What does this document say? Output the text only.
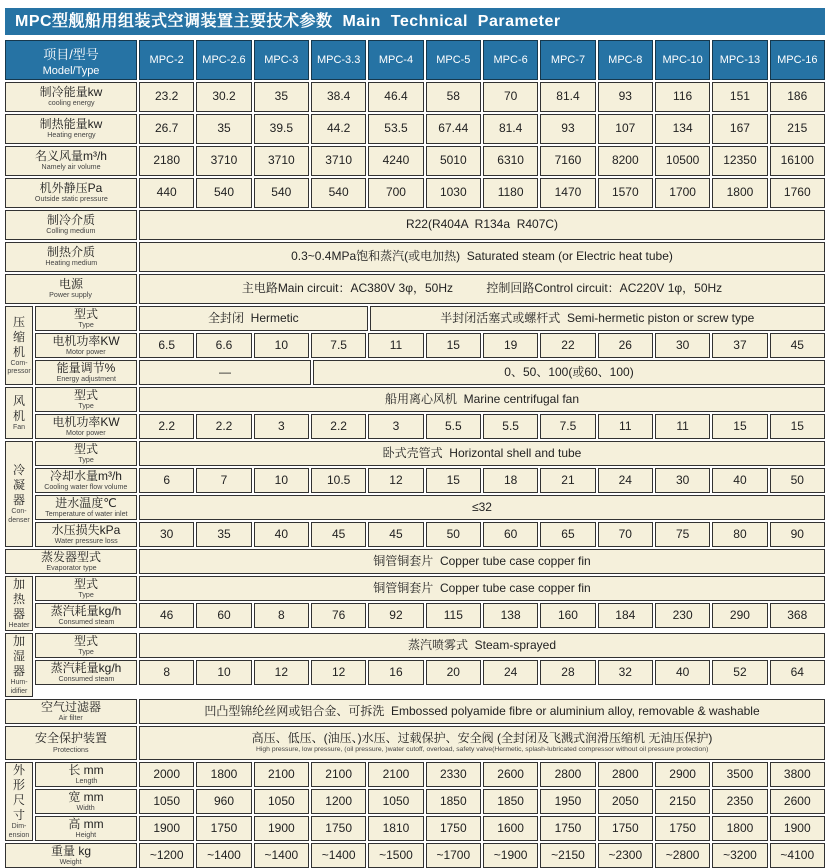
MPC型舰船用组装式空调装置主要技术参数  Main  Technical  Parameter
项目/型号
Model/Type
MPC-2	MPC-2.6	MPC-3	MPC-3.3	MPC-4	MPC-5	MPC-6	MPC-7	MPC-8	MPC-10	MPC-13	MPC-16
制冷能量kw
cooling energy	23.2	30.2	35	38.4	46.4	58	70	81.4	93	116	151	186
制热能量kw
Heating energy	26.7	35	39.5	44.2	53.5	67.44	81.4	93	107	134	167	215
名义风量m³/h
Namely air volume	2180	3710	3710	3710	4240	5010	6310	7160	8200 10500 12350 16100
机外静压Pa
Outside static pressure	440	540	540	540	700	1030	1180	1470	1570	1700	1800	1760
制冷介质
Colling medium	R22(R404A  R134a  R407C)
制热介质
Heating medium	0.3~0.4MPa饱和蒸汽(或电加热)  Saturated steam (or Electric heat tube)
电源
Power supply	主电路Main circuit：AC380V 3φ，50Hz          控制回路Control circuit：AC220V 1φ，50Hz
压
缩
机
Com-
pressor
型式
Type	全封闭  Hermetic	半封闭活塞式或螺杆式  Semi-hermetic piston or screw type
电机功率KW
Motor power	6.5	6.6	10	7.5	11	15	19	22	26	30	37	45
能量调节%
Energy adjustment	—	0、50、100(或60、100)
风
机
Fan
型式
Type	船用离心风机  Marine centrifugal fan
电机功率KW
Motor power	2.2	2.2	3	2.2	3	5.5	5.5	7.5	11	11	15	15
冷
凝
器
Con-
denser
型式
Type	卧式壳管式  Horizontal shell and tube
冷却水量m³/h
Cooling water flow volume	6	7	10	10.5	12	15	18	21	24	30	40	50
进水温度℃
Temperature of water inlet	≤32
水压损失kPa
Water pressure loss	30	35	40	45	45	50	60	65	70	75	80	90
蒸发器型式
Evaporator type	铜管铜套片  Copper tube case copper fin
加
热
器
Heater
型式
Type	铜管铜套片  Copper tube case copper fin
蒸汽耗量kg/h
Consumed steam	46	60	8	76	92	115	138	160	184	230	290	368
加
湿
器
Hum-
idifier
型式
Type	蒸汽喷雾式  Steam-sprayed
蒸汽耗量kg/h
Consumed steam	8	10	12	12	16	20	24	28	32	40	52	64
空气过滤器
Air filter	凹凸型锦纶丝网或铝合金、可拆洗  Embossed polyamide fibre or aluminium alloy, removable & washable
安全保护装置
Protections
高压、低压、(油压、)水压、过载保护、安全阀 (全封闭及飞溅式润滑压缩机 无油压保护)
High pressure, low pressure, (oil pressure, )water cutoff, overload, safety valve(Hermetic, splash-lubricated compressor without oil pressure protection)
外
形
尺
寸
Dim-
ension
长 mm
Length	2000	1800	2100	2100	2100	2330	2600	2800	2800	2900	3500	3800
宽 mm
Width	1050	960	1050	1200	1050	1850	1850	1950	2050	2150	2350	2600
高 mm
Height	1900	1750	1900	1750	1810	1750	1600	1750	1750	1750	1800	1900
重量 kg
Weight	~1200 ~1400 ~1400 ~1400 ~1500 ~1700 ~1900 ~2150 ~2300 ~2800 ~3200 ~4100
